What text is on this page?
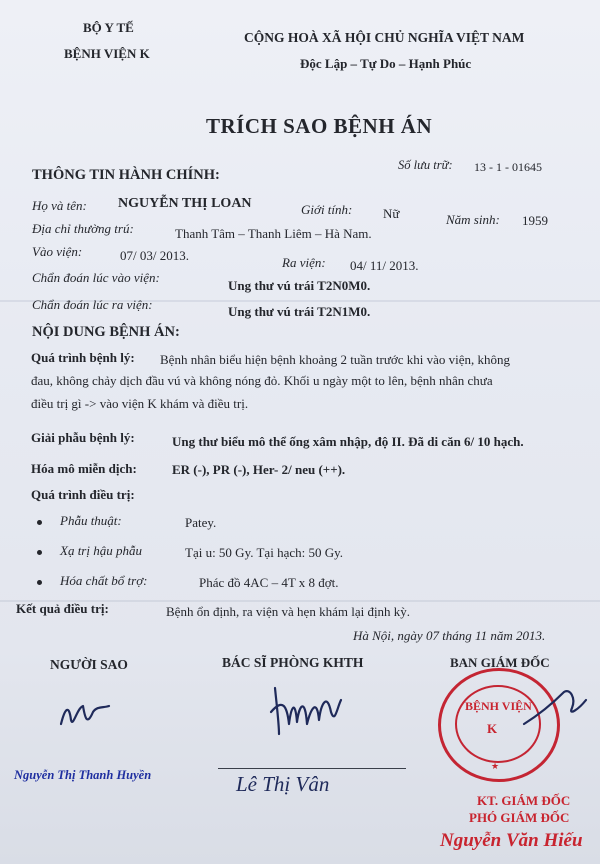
BỘ Y TẾ
BỆNH VIỆN K
CỘNG HOÀ XÃ HỘI CHỦ NGHĨA VIỆT NAM
Độc Lập – Tự Do – Hạnh Phúc
TRÍCH SAO BỆNH ÁN
THÔNG TIN HÀNH CHÍNH:
Số lưu trữ: 13 - 1 - 01645
Họ và tên: NGUYỄN THỊ LOAN	Giới tính: Nữ	Năm sinh: 1959
Địa chỉ thường trú:	Thanh Tâm – Thanh Liêm – Hà Nam.
Vào viện:	07/ 03/ 2013.	Ra viện: 04/ 11/ 2013.
Chẩn đoán lúc vào viện:
Ung thư vú trái T2N0M0.
Chẩn đoán lúc ra viện:	Ung thư vú trái T2N1M0.
NỘI DUNG BỆNH ÁN:
Quá trình bệnh lý: Bệnh nhân biểu hiện bệnh khoảng 2 tuần trước khi vào viện, không
đau, không chảy dịch đầu vú và không nóng đỏ. Khối u ngày một to lên, bệnh nhân chưa
điều trị gì -> vào viện K khám và điều trị.
Giải phẫu bệnh lý:	Ung thư biểu mô thể ống xâm nhập, độ II. Đã di căn 6/ 10 hạch.
Hóa mô miễn dịch:	ER (-), PR (-), Her- 2/ neu (++).
Quá trình điều trị:
Phẫu thuật:	Patey.
Xạ trị hậu phẫu	Tại u: 50 Gy. Tại hạch: 50 Gy.
Hóa chất bổ trợ:	Phác đồ 4AC – 4T x 8 đợt.
Kết quả điều trị:	Bệnh ổn định, ra viện và hẹn khám lại định kỳ.
Hà Nội, ngày 07 tháng 11 năm 2013.
NGƯỜI SAO	BÁC SĨ PHÒNG KHTH	BAN GIÁM ĐỐC
Nguyễn Thị Thanh Huyền	Lê Thị Vân
BỆNH VIỆN
K
★
KT. GIÁM ĐỐC
PHÓ GIÁM ĐỐC
Nguyễn Văn Hiếu
